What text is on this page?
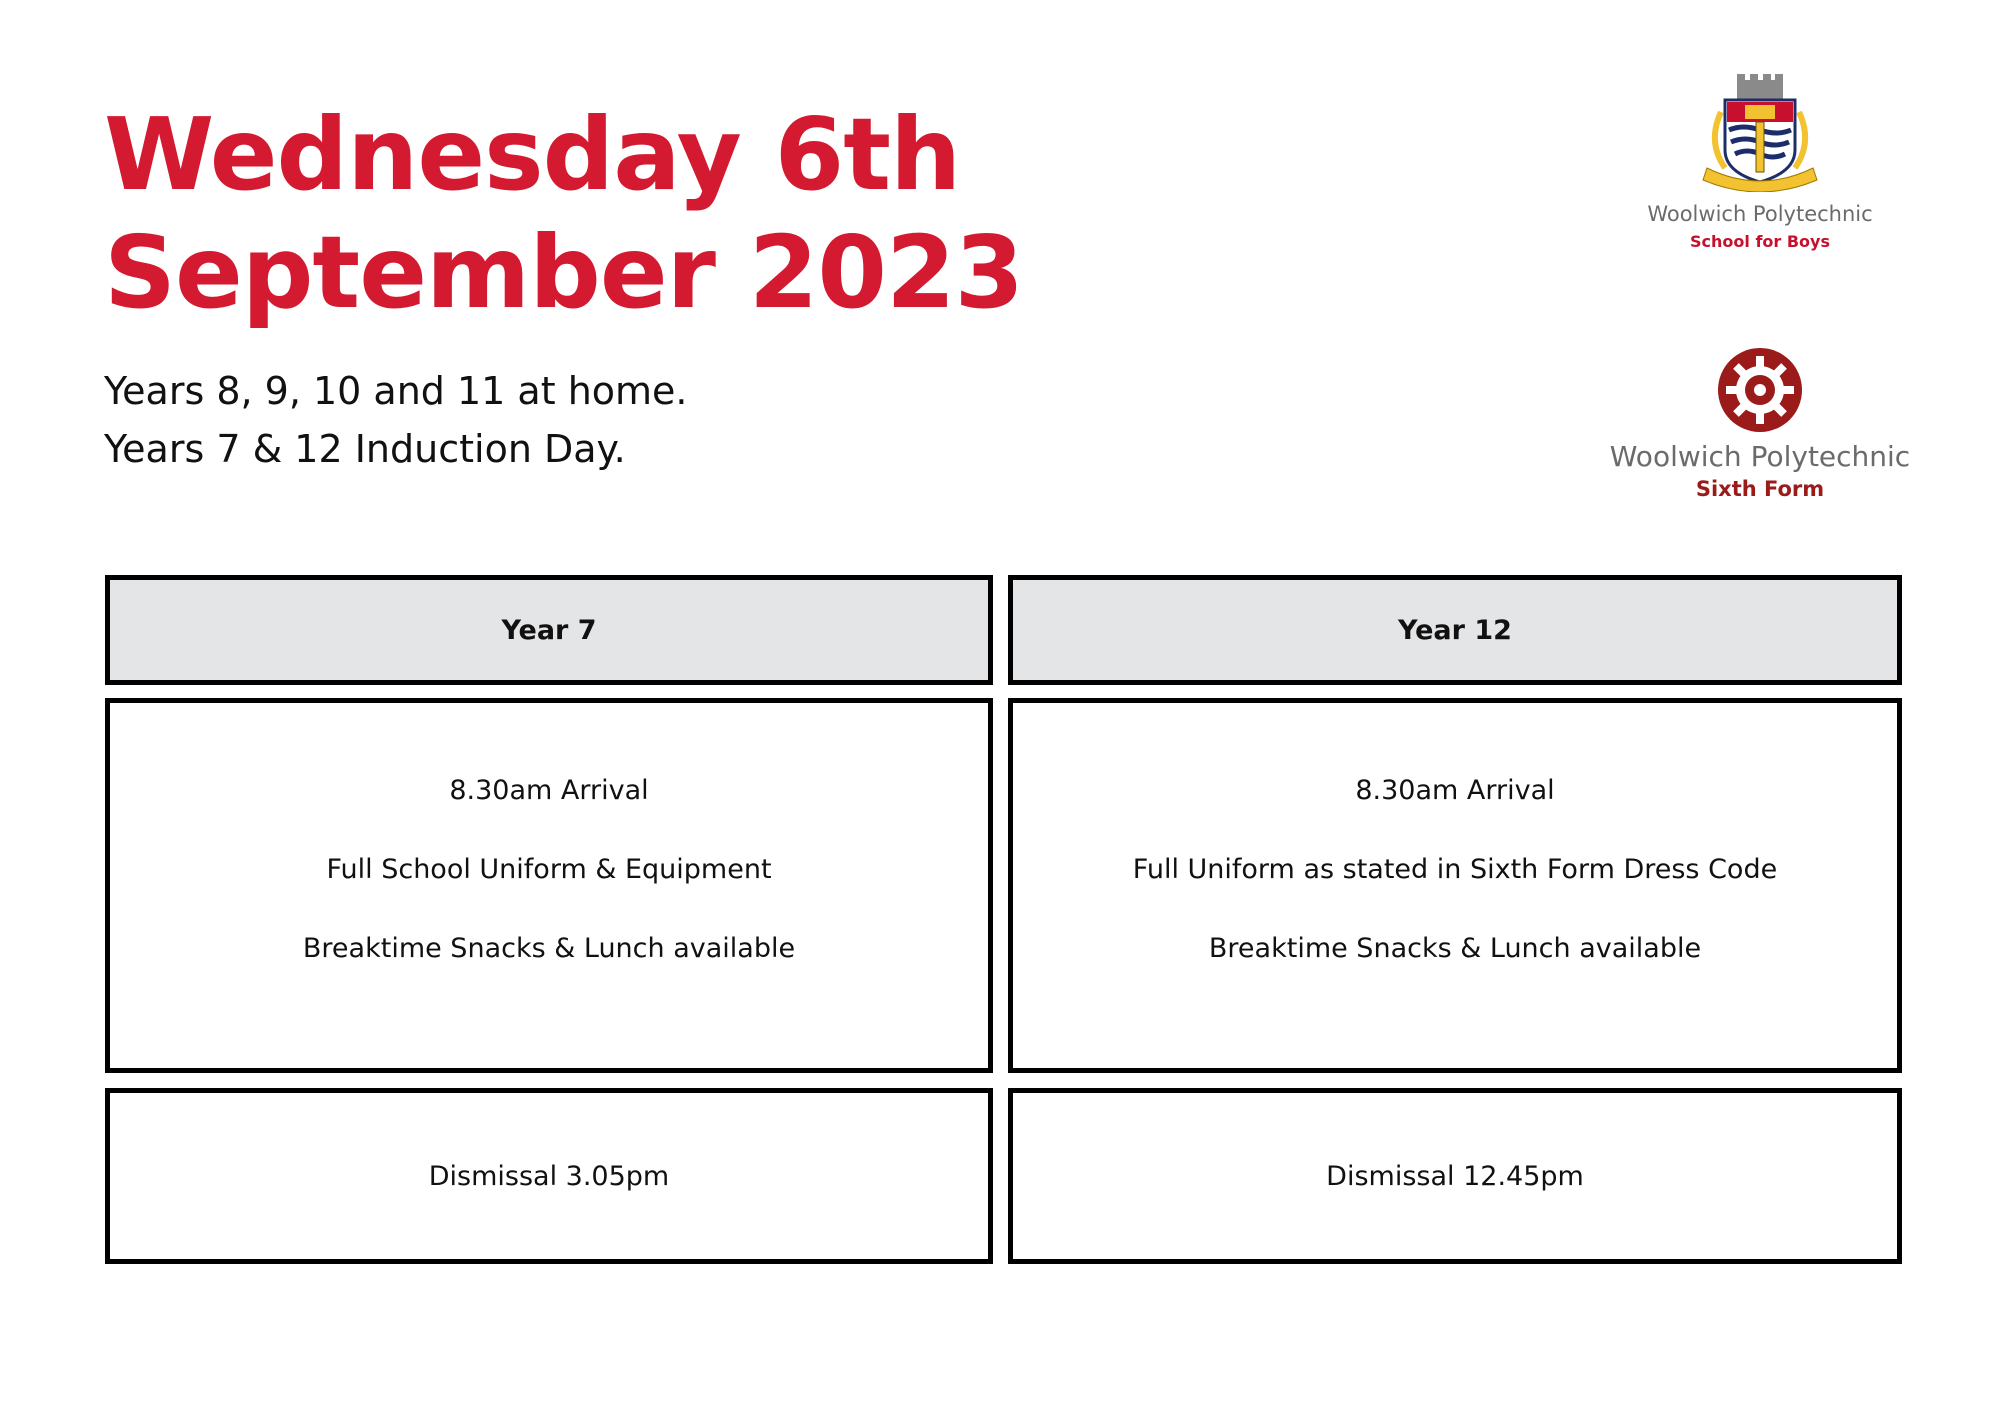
Wednesday 6th
September 2023
Years 8, 9, 10 and 11 at home.
Years 7 & 12 Induction Day.
Woolwich Polytechnic
School for Boys
Woolwich Polytechnic
Sixth Form
Year 7	Year 12
8.30am Arrival
Full School Uniform & Equipment
Breaktime Snacks & Lunch available
8.30am Arrival
Full Uniform as stated in Sixth Form Dress Code
Breaktime Snacks & Lunch available
Dismissal 3.05pm	Dismissal 12.45pm
